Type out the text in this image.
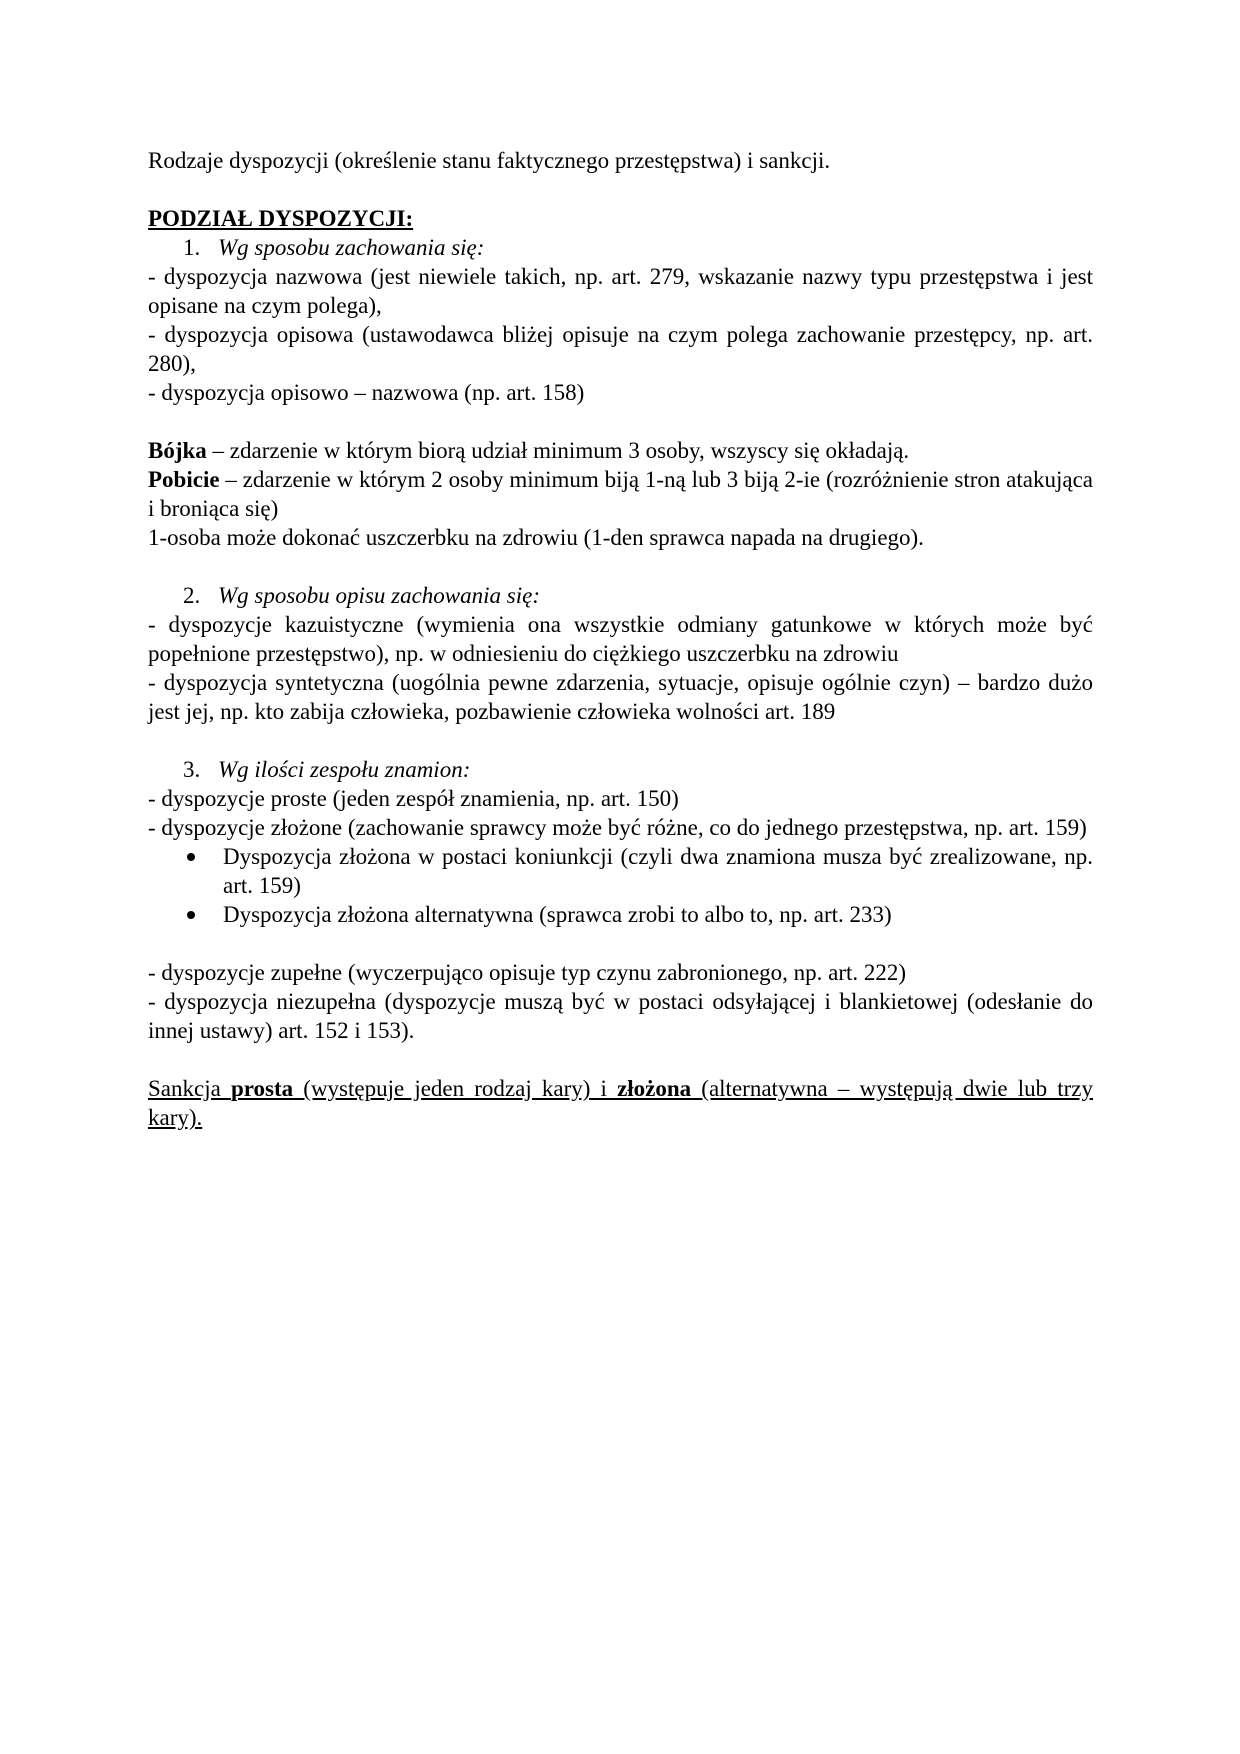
Rodzaje dyspozycji (określenie stanu faktycznego przestępstwa) i sankcji.

PODZIAŁ DYSPOZYCJI:

1. Wg sposobu zachowania się:

- dyspozycja nazwowa (jest niewiele takich, np. art. 279, wskazanie nazwy typu przestępstwa i jest opisane na czym polega),

- dyspozycja opisowa (ustawodawca bliżej opisuje na czym polega zachowanie przestępcy, np. art. 280),

- dyspozycja opisowo – nazwowa (np. art. 158)

Bójka – zdarzenie w którym biorą udział minimum 3 osoby, wszyscy się okładają.

Pobicie – zdarzenie w którym 2 osoby minimum biją 1-ną lub 3 biją 2-ie (rozróżnienie stron atakująca i broniąca się)

1-osoba może dokonać uszczerbku na zdrowiu (1-den sprawca napada na drugiego).

2. Wg sposobu opisu zachowania się:

- dyspozycje kazuistyczne (wymienia ona wszystkie odmiany gatunkowe w których może być popełnione przestępstwo), np. w odniesieniu do ciężkiego uszczerbku na zdrowiu

- dyspozycja syntetyczna (uogólnia pewne zdarzenia, sytuacje, opisuje ogólnie czyn) – bardzo dużo jest jej, np. kto zabija człowieka, pozbawienie człowieka wolności art. 189

3. Wg ilości zespołu znamion:

- dyspozycje proste (jeden zespół znamienia, np. art. 150)

- dyspozycje złożone (zachowanie sprawcy może być różne, co do jednego przestępstwa, np. art. 159)

Dyspozycja złożona w postaci koniunkcji (czyli dwa znamiona musza być zrealizowane, np. art. 159)
Dyspozycja złożona alternatywna (sprawca zrobi to albo to, np. art. 233)

- dyspozycje zupełne (wyczerpująco opisuje typ czynu zabronionego, np. art. 222)

- dyspozycja niezupełna (dyspozycje muszą być w postaci odsyłającej i blankietowej (odesłanie do innej ustawy) art. 152 i 153).

Sankcja prosta (występuje jeden rodzaj kary) i złożona (alternatywna – występują dwie lub trzy kary).
